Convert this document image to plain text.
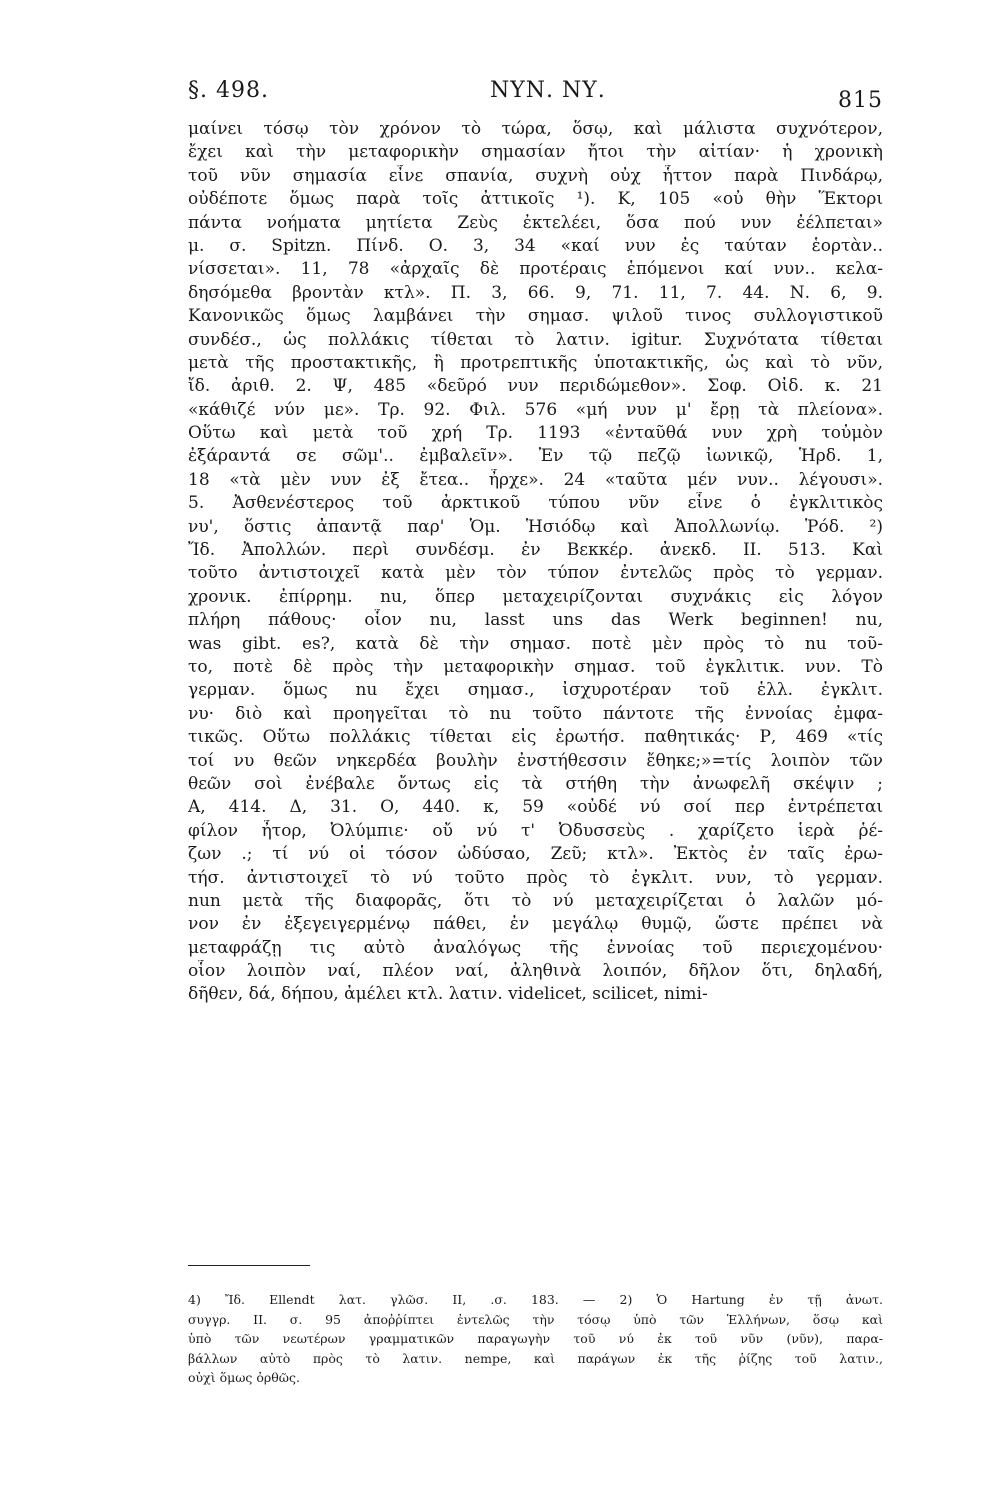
§. 498.	ΝΥΝ. ΝΥ.	815
μαίνει τόσῳ τὸν χρόνον τὸ τώρα, ὅσῳ, καὶ μάλιστα συχνότερον,
ἔχει καὶ τὴν μεταφορικὴν σημασίαν ἤτοι τὴν αἰτίαν· ἡ χρονικὴ
τοῦ νῦν σημασία εἶνε σπανία, συχνὴ οὐχ ἧττον παρὰ Πινδάρῳ,
οὐδέποτε ὅμως παρὰ τοῖς ἀττικοῖς ¹). Κ, 105 «οὐ θὴν Ἕκτορι
πάντα νοήματα μητίετα Ζεὺς ἐκτελέει, ὅσα πού νυν ἐέλπεται»
μ. σ. Spitzn. Πίνδ. Ο. 3, 34 «καί νυν ἐς ταύταν ἑορτὰν..
νίσσεται». 11, 78 «ἀρχαῖς δὲ προτέραις ἑπόμενοι καί νυν.. κελα-
δησόμεθα βροντὰν κτλ». Π. 3, 66. 9, 71. 11, 7. 44. Ν. 6, 9.
Κανονικῶς ὅμως λαμβάνει τὴν σημασ. ψιλοῦ τινος συλλογιστικοῦ
συνδέσ., ὡς πολλάκις τίθεται τὸ λατιν. igitur. Συχνότατα τίθεται
μετὰ τῆς προστακτικῆς, ἢ προτρεπτικῆς ὑποτακτικῆς, ὡς καὶ τὸ νῦν,
ἴδ. ἀριθ. 2. Ψ, 485 «δεῦρό νυν περιδώμεθον». Σοφ. Οἰδ. κ. 21
«κάθιζέ νύν με». Τρ. 92. Φιλ. 576 «μή νυν μ' ἔρῃ τὰ πλείονα».
Οὕτω καὶ μετὰ τοῦ χρή Τρ. 1193 «ἐνταῦθά νυν χρὴ τοὐμὸν
ἐξάραντά σε σῶμ'.. ἐμβαλεῖν». Ἐν τῷ πεζῷ ἰωνικῷ, Ἡρδ. 1,
18 «τὰ μὲν νυν ἐξ ἔτεα.. ἦρχε». 24 «ταῦτα μέν νυν.. λέγουσι».
5. Ἀσθενέστερος τοῦ ἀρκτικοῦ τύπου νῦν εἶνε ὁ ἐγκλιτικὸς
νυ', ὅστις ἀπαντᾷ παρ' Ὁμ. Ἡσιόδῳ καὶ Ἀπολλωνίῳ. Ῥόδ. ²)
Ἴδ. Ἀπολλών. περὶ συνδέσμ. ἐν Βεκκέρ. ἀνεκδ. ΙΙ. 513. Καὶ
τοῦτο ἀντιστοιχεῖ κατὰ μὲν τὸν τύπον ἐντελῶς πρὸς τὸ γερμαν.
χρονικ. ἐπίρρημ. nu, ὅπερ μεταχειρίζονται συχνάκις εἰς λόγον
πλήρη πάθους· οἷον nu, lasst uns das Werk beginnen! nu,
was gibt. es?, κατὰ δὲ τὴν σημασ. ποτὲ μὲν πρὸς τὸ nu τοῦ-
το, ποτὲ δὲ πρὸς τὴν μεταφορικὴν σημασ. τοῦ ἐγκλιτικ. νυν. Τὸ
γερμαν. ὅμως nu ἔχει σημασ., ἰσχυροτέραν τοῦ ἑλλ. ἐγκλιτ.
νυ· διὸ καὶ προηγεῖται τὸ nu τοῦτο πάντοτε τῆς ἐννοίας ἐμφα-
τικῶς. Οὕτω πολλάκις τίθεται εἰς ἐρωτήσ. παθητικάς· Ρ, 469 «τίς
τοί νυ θεῶν νηκερδέα βουλὴν ἐνστήθεσσιν ἔθηκε;»=τίς λοιπὸν τῶν
θεῶν σοὶ ἐνέβαλε ὄντως εἰς τὰ στήθη τὴν ἀνωφελῆ σκέψιν ;
Α, 414. Δ, 31. Ο, 440. κ, 59 «οὐδέ νύ σοί περ ἐντρέπεται
φίλον ἦτορ, Ὀλύμπιε· οὔ νύ τ' Ὀδυσσεὺς . χαρίζετο ἱερὰ ῥέ-
ζων .; τί νύ οἱ τόσον ὠδύσαο, Ζεῦ; κτλ». Ἐκτὸς ἐν ταῖς ἐρω-
τήσ. ἀντιστοιχεῖ τὸ νύ τοῦτο πρὸς τὸ ἐγκλιτ. νυν, τὸ γερμαν.
nun μετὰ τῆς διαφορᾶς, ὅτι τὸ νύ μεταχειρίζεται ὁ λαλῶν μό-
νον ἐν ἐξεγειγερμένῳ πάθει, ἐν μεγάλῳ θυμῷ, ὥστε πρέπει νὰ
μεταφράζῃ τις αὐτὸ ἀναλόγως τῆς ἐννοίας τοῦ περιεχομένου·
οἷον λοιπὸν ναί, πλέον ναί, ἀληθινὰ λοιπόν, δῆλον ὅτι, δηλαδή,
δῆθεν, δά, δήπου, ἀμέλει κτλ. λατιν. videlicet, scilicet, nimi-
4) Ἴδ. Ellendt λατ. γλῶσ. ΙΙ, .σ. 183. — 2) Ὁ Hartung ἐν τῇ ἀνωτ.
συγγρ. ΙΙ. σ. 95 ἀποῤῥίπτει ἐντελῶς τὴν τόσῳ ὑπὸ τῶν Ἑλλήνων, ὅσῳ καὶ
ὑπὸ τῶν νεωτέρων γραμματικῶν παραγωγὴν τοῦ νύ ἐκ τοῦ νῦν (νῦν), παρα-
βάλλων αὐτὸ πρὸς τὸ λατιν. nempe, καὶ παράγων ἐκ τῆς ῥίζης τοῦ λατιν.,
οὐχὶ ὅμως ὀρθῶς.
